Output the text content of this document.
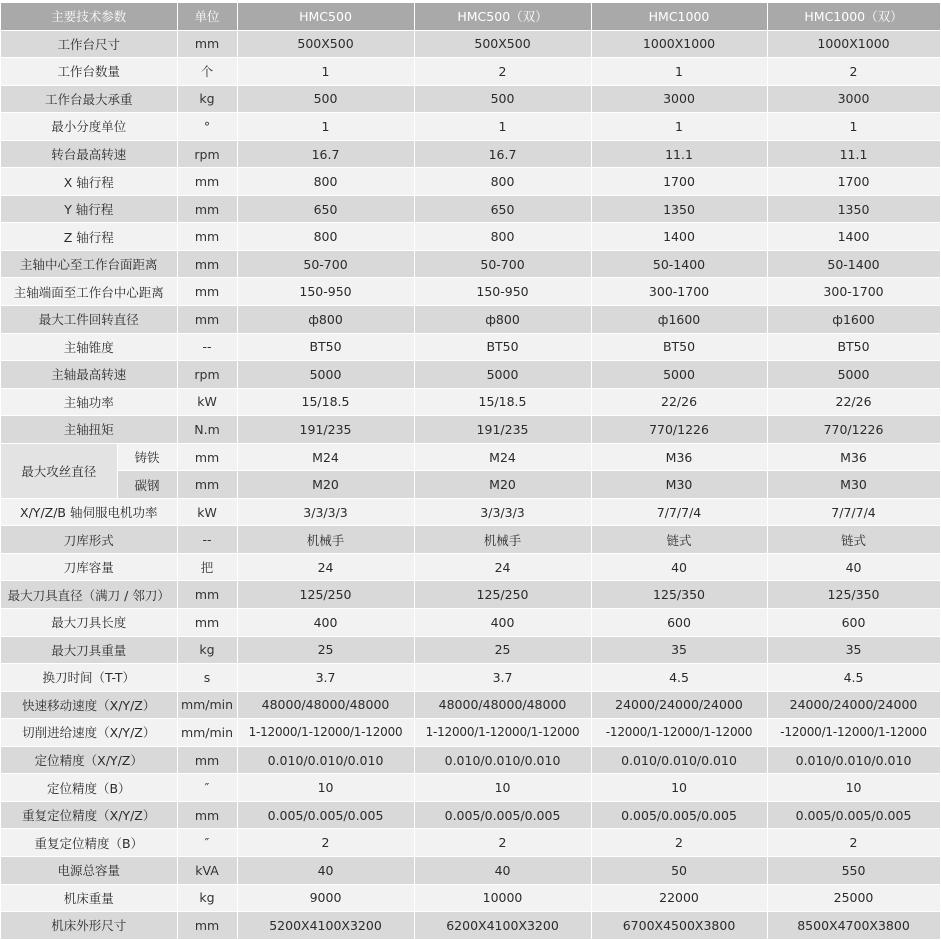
主要技术参数		单位	HMC500	HMC500（双）	HMC1000	HMC1000（双）
工作台尺寸		mm	500X500	500X500	1000X1000	1000X1000
工作台数量		个	1	2	1	2
工作台最大承重		kg	500	500	3000	3000
最小分度单位		°	1	1	1	1
转台最高转速		rpm	16.7	16.7	11.1	11.1
X 轴行程		mm	800	800	1700	1700
Y 轴行程		mm	650	650	1350	1350
Z 轴行程		mm	800	800	1400	1400
主轴中心至工作台面距离		mm	50-700	50-700	50-1400	50-1400
主轴端面至工作台中心距离		mm	150-950	150-950	300-1700	300-1700
最大工件回转直径		mm	ф800	ф800	ф1600	ф1600
主轴锥度		--	BT50	BT50	BT50	BT50
主轴最高转速		rpm	5000	5000	5000	5000
主轴功率		kW	15/18.5	15/18.5	22/26	22/26
主轴扭矩		N.m	191/235	191/235	770/1226	770/1226
最大攻丝直径	铸铁	mm	M24	M24	M36	M36
	碳钢	mm	M20	M20	M30	M30
X/Y/Z/B 轴伺服电机功率		kW	3/3/3/3	3/3/3/3	7/7/7/4	7/7/7/4
刀库形式		--	机械手	机械手	链式	链式
刀库容量		把	24	24	40	40
最大刀具直径（满刀 / 邻刀）		mm	125/250	125/250	125/350	125/350
最大刀具长度		mm	400	400	600	600
最大刀具重量		kg	25	25	35	35
换刀时间（T-T）		s	3.7	3.7	4.5	4.5
快速移动速度（X/Y/Z）		mm/min	48000/48000/48000	48000/48000/48000	24000/24000/24000	24000/24000/24000
切削进给速度（X/Y/Z）		mm/min	1-12000/1-12000/1-12000	1-12000/1-12000/1-12000	-12000/1-12000/1-12000	-12000/1-12000/1-12000
定位精度（X/Y/Z）		mm	0.010/0.010/0.010	0.010/0.010/0.010	0.010/0.010/0.010	0.010/0.010/0.010
定位精度（B）		″	10	10	10	10
重复定位精度（X/Y/Z）		mm	0.005/0.005/0.005	0.005/0.005/0.005	0.005/0.005/0.005	0.005/0.005/0.005
重复定位精度（B）		″	2	2	2	2
电源总容量		kVA	40	40	50	550
机床重量		kg	9000	10000	22000	25000
机床外形尺寸		mm	5200X4100X3200	6200X4100X3200	6700X4500X3800	8500X4700X3800
